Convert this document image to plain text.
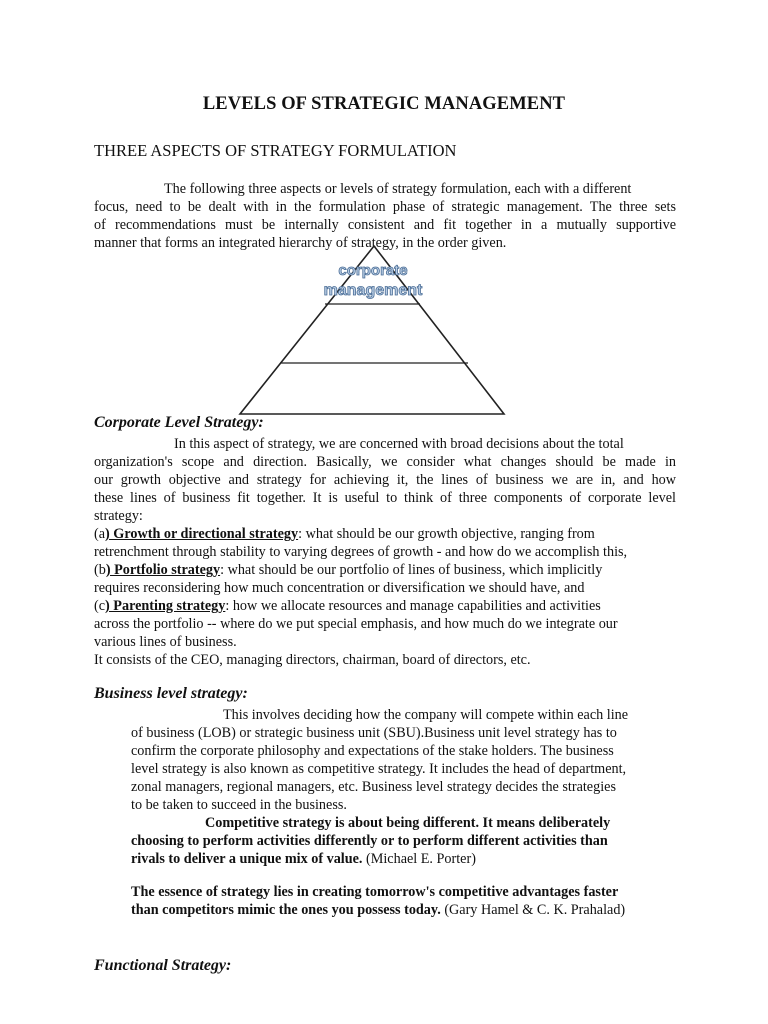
LEVELS OF STRATEGIC MANAGEMENT
THREE ASPECTS OF STRATEGY FORMULATION
The following three aspects or levels of strategy formulation, each with a different
focus, need to be dealt with in the formulation phase of strategic management. The three sets
of recommendations must be internally consistent and fit together in a mutually supportive
manner that forms an integrated hierarchy of strategy, in the order given.
corporate
management
Corporate Level Strategy:
In this aspect of strategy, we are concerned with broad decisions about the total
organization's scope and direction. Basically, we consider what changes should be made in
our growth objective and strategy for achieving it, the lines of business we are in, and how
these lines of business fit together. It is useful to think of three components of corporate level
strategy:
(a) Growth or directional strategy: what should be our growth objective, ranging from
retrenchment through stability to varying degrees of growth - and how do we accomplish this,
(b) Portfolio strategy: what should be our portfolio of lines of business, which implicitly
requires reconsidering how much concentration or diversification we should have, and
(c) Parenting strategy: how we allocate resources and manage capabilities and activities
across the portfolio -- where do we put special emphasis, and how much do we integrate our
various lines of business.
It consists of the CEO, managing directors, chairman, board of directors, etc.
Business level strategy:
This involves deciding how the company will compete within each line
of business (LOB) or strategic business unit (SBU).Business unit level strategy has to
confirm the corporate philosophy and expectations of the stake holders. The business
level strategy is also known as competitive strategy. It includes the head of department,
zonal managers, regional managers, etc. Business level strategy decides the strategies
to be taken to succeed in the business.
Competitive strategy is about being different. It means deliberately
choosing to perform activities differently or to perform different activities than
rivals to deliver a unique mix of value. (Michael E. Porter)
The essence of strategy lies in creating tomorrow's competitive advantages faster
than competitors mimic the ones you possess today. (Gary Hamel & C. K. Prahalad)
Functional Strategy:
